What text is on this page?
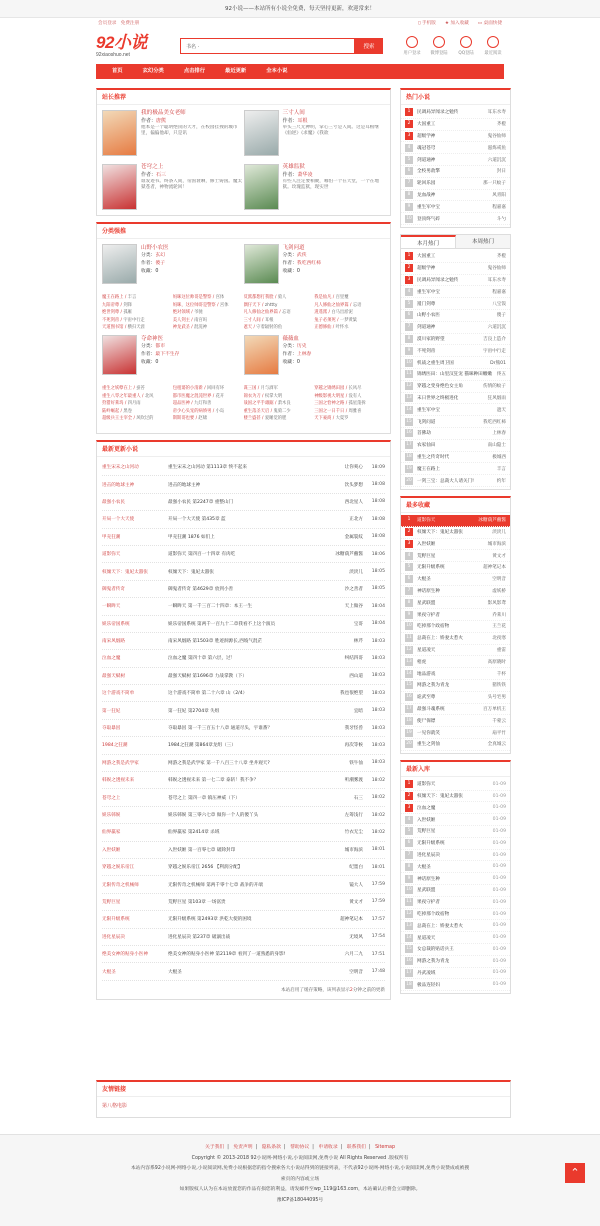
92小说——本站所有小说全免费，每天坚持更新，欢迎常来！
会员登录 免费注册	▯ 手机版 ★ 加入收藏 ▭ 桌面快捷
92小说
92xiaoshuo.net
书名 ·	搜索
用户登录 微博登陆 QQ登陆 最近阅读
首页	玄幻分类	点击排行	最近更新	全本小说
站长推荐
我的极品美女老师
作者：唐熊
他本是一个聪明绝顶的天才，在校园挂拽的城市里，偏偏他却，只是讯
三寸人间
作者：耳根
举头三尺无神明，掌心三寸是人间。这是耳根继《仙逆》《求魔》《我欲
苍穹之上
作者：石三
谁发迹书。终条人间，帝国衰聊，修士铸国。魔太狱苍者，神物流轮回！
英雄监狱
作者：萧华凌
有些人注定要相聚，哪怕一个在天堂，一个在地狱。玫瑰监狱，现实世
分类强推
山野小农医
分类：玄幻
作者：傻子
收藏：0
魔王在路上 / 丰言	妈咪这位帅哥是警察 / 宫体
九阳帝尊 / 剑锋	妈咪，这位帅哥是警察 / 宫体
绝世剑尊 / 孤雁	绝对领域 / 爷驰
不死剑帝 / 宇宙中行走	美人剑主 / 南宫吗
天道图书馆 / 横扫天涯	神龙武圣 / 混沌神
飞剑问道
分类：武侠
作者：我吃西红柿
收藏：0
反派都想打我脸 / 骑人	我是仙凡 / 百里璽
偶仔天下 / zhttty	凡人修仙之仙界篇 / 忘语
凡人修仙之仙界篇 / 忘语	逍遥派 / 白马出淤泥
三寸人间 / 耳根	兔子必须死 / 一梦黄粱
遮天 / 守着辐射的鱼	正德修仙 / 叶怀水
夺命神医
分类：都市
作者：最下不生存
收藏：0
重生之妖孽在上 / 蚕苔	包租婆的小清新 / 回回有坏
重生八零之年最重人 / 北风	都市医魔之混沌世界 / 花开
狩猎好莱坞 / 四月雨	超品医神 / 九灯和善
陆岭崛起 / 黑卷	帝少心头宠的病娇男 / 小岛
超级兵王主宰全 / 风吹过的	斯斯哥也要 / 赵啸
薇薇血
分类：历史
作者：上林春
收藏：0
谋三国 / 月与酒军	穿越之锦绣田园 / 长风尽
锦衣为刀 / 权掌大明	神级影视大明星 / 没有人
战国之平手雄踞 / 萧木良	三国之恰神之路 / 孤星蓬拆
重生落圣天启 / 鬼骑二少	三国之一日千日 / 周雅喜
楼兰盛甚 / 爱睡觉的肥	天下豪商 / 大夏罗
最新更新小说
重生宋末之山河动	重生宋末之山河动 第1113章 怏不起来	让你爽心	18:09
进击的地球主神	进击的地球主神	饮头梦想	18:08
最强小农民	最强小农民 第2247章 重整山门	西北星人	18:08
开局一个大天使	开局一个大天使 第435章 蓝	正北方	18:08
甲壳狂潮	甲壳狂潮 1876 如们上	金属裂纹	18:08
道影弥天	道影弥天 第四百一十四章 有肉吃	冰糖葫芦蘸酱	18:06
权倾天下：鬼妃太嚣张	权倾天下：鬼妃太嚣张	淡淡儿	18:05
御鬼者传奇	御鬼者传奇 第4629章 放到小善	沙之善者	18:05
一瞬眸天	一瞬眸天 第一千三百二十四章：本王一生	天上做谷	18:04
娱乐帝国系统	娱乐帝国系统 第两千一百九十二章我看不上这个演员	宝哥	18:04
南宋风烟路	南宋风烟路 第1503章 胜迹洞源长,西坡气混茫	林芹	18:03
泣血之魔	泣血之魔 第四十章 第六层，过！	纠结四哥	18:03
最强天赋树	最强天赋树 第1696章 力战掌教（下）	西山道	18:03
这个游戏不简单	这个游戏不简单 第二十六章 山（2/4）	我也很绝望	18:03
第一狂妃	第一狂妃 第2704章 失组	宜暗	18:03
夺取暴因	夺取暴因 第一千三百五十八章 通道尽头，宇谁番？	我牙怪兽	18:03
1984之狂潮	1984之狂潮 第864章龙组（三）	再次等候	18:03
网游之我是武学家	网游之我是武学家 第一千八百三十八章 坐井观天?	铁牛仙	18:03
韩娱之透视未来	韩娱之透视未来 第一七二章 泰斩！我不争？	听潮雾渡	18:02
苍穹之上	苍穹之上 第四一章 镇压神威（下）	石三	18:02
娱乐韩娱	娱乐韩娱 第三零六七章 做你一个人的傻丫头	左筹浅行	18:02
仙界赢家	仙界赢家 第2414章 杀域	竹衣无尘	18:02
入世妖姬	入世妖姬 第一百零七章 破除封印	城市海滨	18:01
穿越之娱乐帝江	穿越之娱乐帝江 2656 【利润分配】	纪墨白	18:01
无限传奇之机械师	无限传奇之机械师 第两千零十七章 战争的开端	镜大人	17:59
荒野巨星	荒野巨星 第103章 一场富贵	黄文才	17:59
无限升级系统	无限升级系统 第2493章 洪乾大使的困境	超神笔记本	17:57
进化星辰决	进化星辰决 第237章 破溺出战	无境风	17:54
绝美女神的贴身小医神	绝美女神的贴身小医神 第2119章 看到了一道熟悉的身影!	六月二九	17:51
大棍圣	大棍圣	空明音	17:48
本站启用了缓存策略，该列表显示2分钟之前的更新
热门小说
1	民调局异闻录之勉传	耳东水寿
2	大国重工	齐橙
3	超级学神	鬼谷仙师
4	魂冠苍穹	滋炼戒鱼
5	剑道通神	六道沉沉
6	全校男敌擎	封日
7	轮回乐园	那一只蚊子
8	龙血战神	风青阳
9	重生军中宝	程嘉嘉
10 登顶终气碎	斗勺
本月热门	本周热门
1	大国重工	齐橙
2	超级学神	鬼谷仙师
3	民调局异闻录之勉传	耳东水寿
4	重生军中宝	程嘉嘉
5	遁门剑尊	八宝饭
6	山野小农医	傻子
7	剑道通神	六道沉沉
8	漠川家的野望	吉良上造介
9	不死剑帝	宇宙中行走
10 机战之重生周卫国	Dr熊01
11 锦绣医田：山里汉狂宠 猫咪种田嫩嫩	佟五
12 穿越之变身绝色女主角	伤情的蚊子
13 末日世界之终极进化	狂风烟雨
14 重生军中宝	遮天
15 飞剑问道	我吃西红柿
16 首佛劫	上林春
17 农家仙田	南山隐士
18 重生之传奇时代	极城西
19 魔王在路上	丰言
20 一剑三宝：总裁大人请关门!	约年
最多收藏
1	道影弥天	冰糖葫芦蘸酱
2	权倾天下：鬼妃太嚣张	淡淡儿
3	入世妖姬	城市海滨
4	荒野巨星	黄文才
5	无限升级系统	超神笔记本
6	大棍圣	空明音
7	神话原生种	虚妖桥
8	星武联盟	影风影鸢
9	果夜守护者	乔莱川
10 吃掉那个政宿物	王兰花
11 总裁在上：娇妻太惹火	北夜寒
12 星道凌天	重雷
13 梧虎	高原晓时
14 地品游戏	千杯
15 网游之我为青龙	猪铁铁
16 诡武至尊	头号宅男
17 最强斗魂系统	百万单机王
18 使尸保镖	千蒙云
19 一见你就笑	扇平竹
20 重生之剑仙	全真城云
最新入库
1	道影弥天	01-09
2	权倾天下：鬼妃太嚣张	01-09
3	泣血之魔	01-09
4	入世妖姬	01-09
5	荒野巨星	01-09
6	无限升级系统	01-09
7	进化星辰决	01-09
8	大棍圣	01-09
9	神话原生种	01-09
10 星武联盟	01-09
11 果夜守护者	01-09
12 吃掉那个政宿物	01-09
13 总裁在上：娇妻太惹火	01-09
14 星道凌天	01-09
15 女总裁的贴话兵王	01-09
16 网游之我为青龙	01-09
17 丹武凌域	01-09
18 极品连轻妇	01-09
友情链接
第八格电影
关于我们 | 免责声明 | 隐私条款 | 帮助协议 | 申请收录 | 联系我们 | Sitemap
Copyright © 2013-2018 92小说网-网络小说,小说阅读网,免费小说 All Rights Reserved .版权所有
本站内容系92小说网-网络小说,小说阅读网,免费小说根据您的指令搜索各大小说站得到的链接列表，不代表92小说网-网络小说,小说阅读网,免费小说赞成或被搜
索页的内容或立场
如果版权人认为在本站放置您的作品有损您的利益，请发邮件至wp_119@163.com，本站确认后将会立即删除。
豫ICP备18044095号
⌃
